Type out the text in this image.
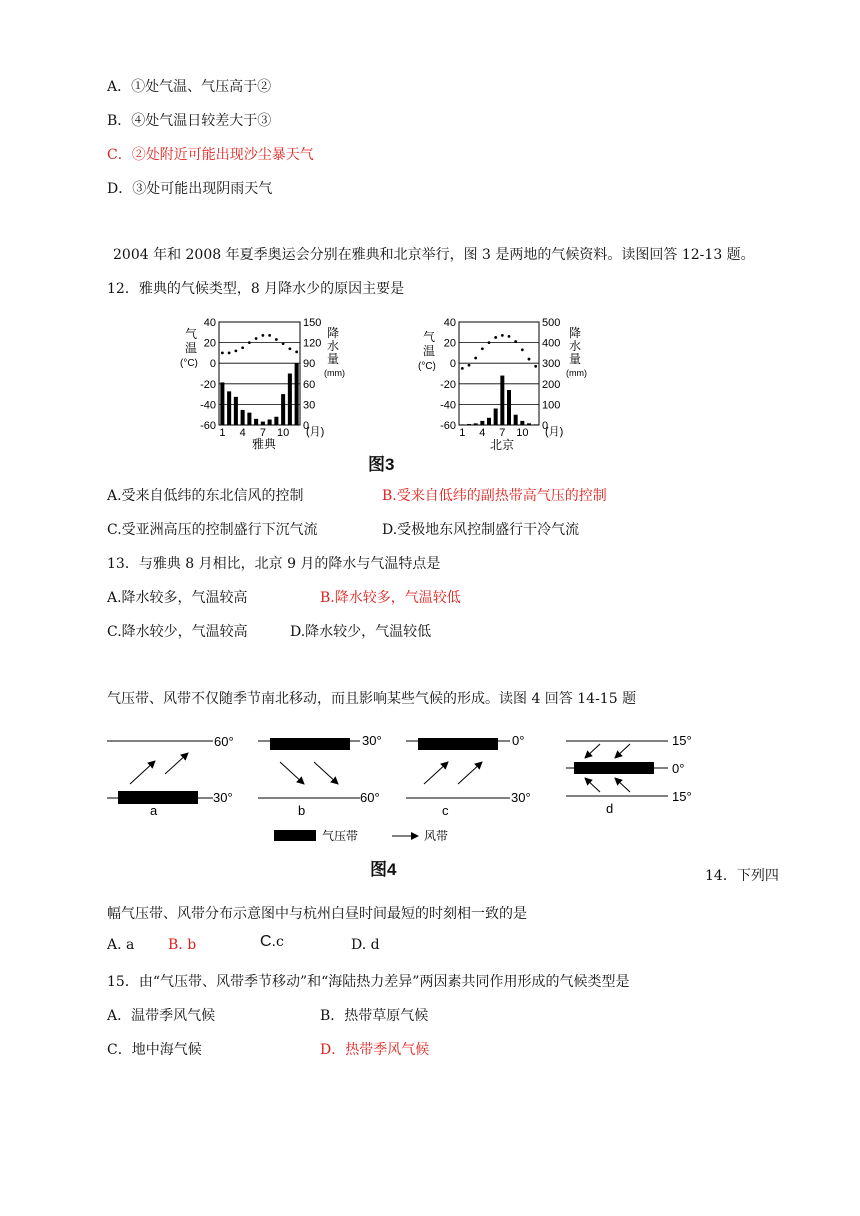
A．①处气温、气压高于②
B．④处气温日较差大于③
C．②处附近可能出现沙尘暴天气
D．③处可能出现阴雨天气
2004 年和 2008 年夏季奥运会分别在雅典和北京举行，图 3 是两地的气候资料。读图回答 12-13 题。
12．雅典的气候类型，8 月降水少的原因主要是
40
20
0
-20
-40
-60
150
120
90
60
30
0
1 4 7 10
气
温
(°C)
降
水
量
(mm)
(月)
雅典
40
20
0
-20
-40
-60
500
400
300
200
100
0
1 4 7 10
气
温
(°C)
降
水
量
(mm)
(月)
北京
图3
A.受来自低纬的东北信风的控制	B.受来自低纬的副热带高气压的控制
C.受亚洲高压的控制盛行下沉气流	D.受极地东风控制盛行干冷气流
13．与雅典 8 月相比，北京 9 月的降水与气温特点是
A.降水较多，气温较高	B.降水较多，气温较低
C.降水较少，气温较高	D.降水较少，气温较低
气压带、风带不仅随季节南北移动，而且影响某些气候的形成。读图 4 回答 14-15 题
60°
30°
a
30°
60°
b
0°
30°
c
15°
0°
15°
d
气压带	风带
图4	14．下列四
幅气压带、风带分布示意图中与杭州白昼时间最短的时刻相一致的是
A. a B. b	C.c	D. d
15．由“气压带、风带季节移动”和“海陆热力差异”两因素共同作用形成的气候类型是
A．温带季风气候	B．热带草原气候
C．地中海气候	D．热带季风气候
